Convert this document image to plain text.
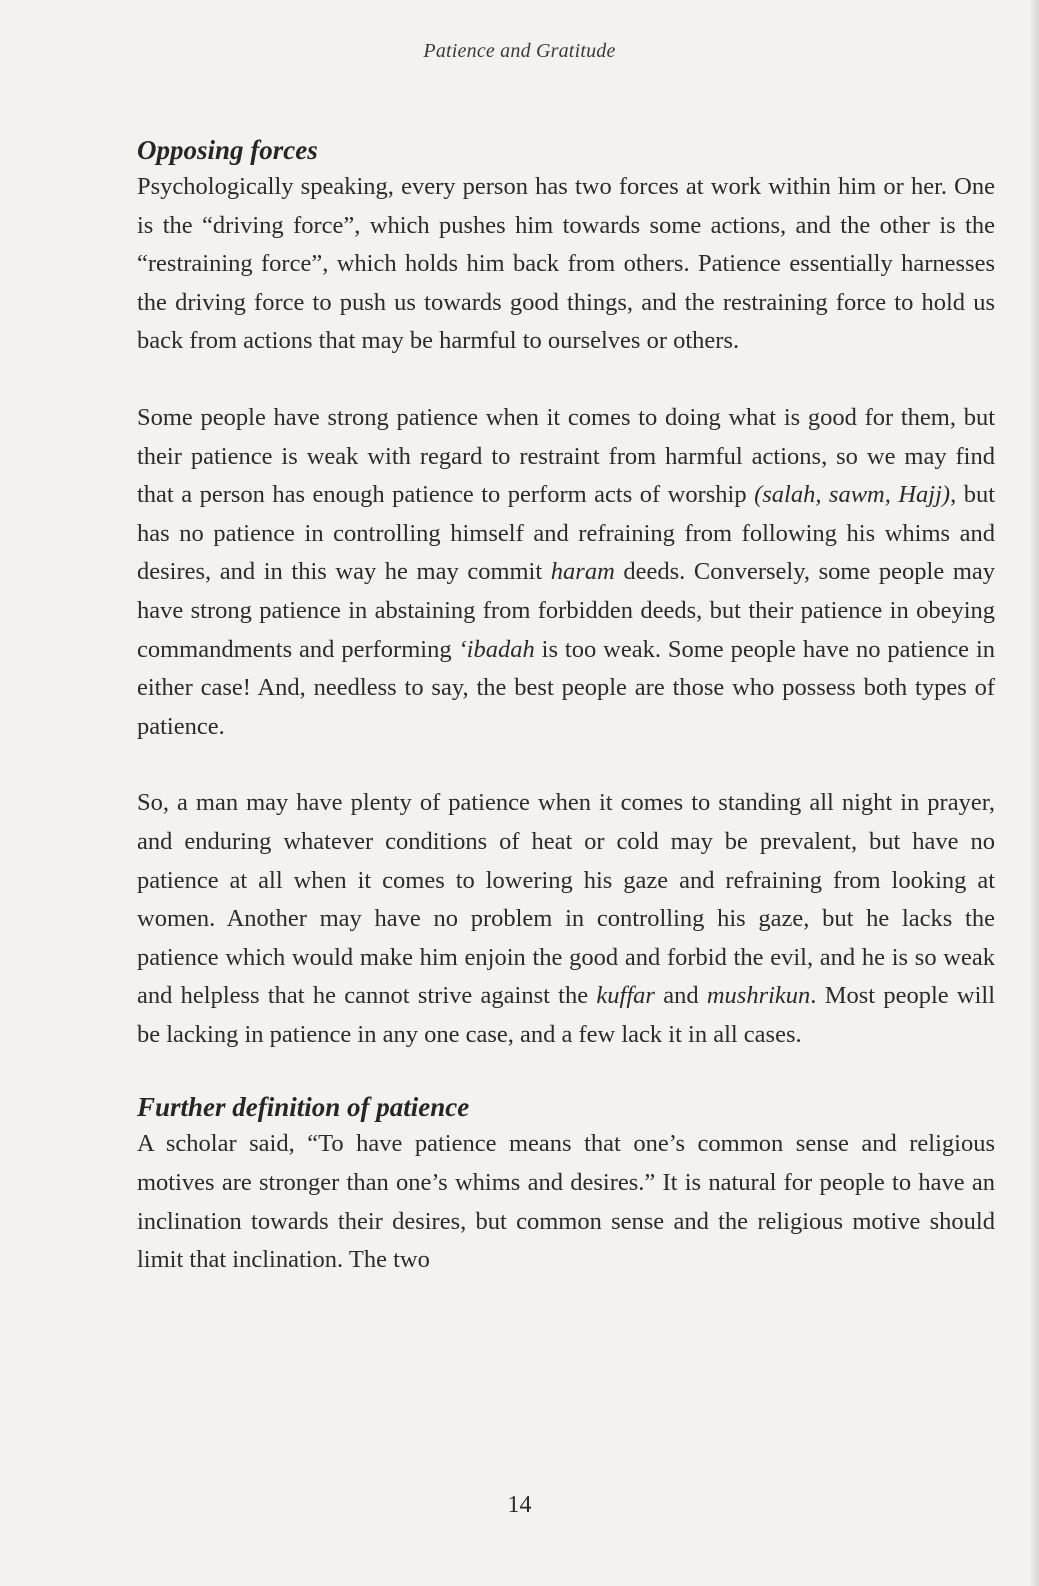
Patience and Gratitude
Opposing forces

Psychologically speaking, every person has two forces at work within him or her. One is the “driving force”, which pushes him towards some actions, and the other is the “restraining force”, which holds him back from others. Patience essentially harnesses the driving force to push us towards good things, and the restraining force to hold us back from actions that may be harmful to ourselves or others.

Some people have strong patience when it comes to doing what is good for them, but their patience is weak with regard to restraint from harmful actions, so we may find that a person has enough patience to perform acts of worship (salah, sawm, Hajj), but has no patience in controlling himself and refraining from following his whims and desires, and in this way he may commit haram deeds. Conversely, some people may have strong patience in abstaining from forbidden deeds, but their patience in obeying commandments and performing ‘ibadah is too weak. Some people have no patience in either case! And, needless to say, the best people are those who possess both types of patience.

So, a man may have plenty of patience when it comes to standing all night in prayer, and enduring whatever conditions of heat or cold may be prevalent, but have no patience at all when it comes to lowering his gaze and refraining from looking at women. Another may have no problem in controlling his gaze, but he lacks the patience which would make him enjoin the good and forbid the evil, and he is so weak and helpless that he cannot strive against the kuffar and mushrikun. Most people will be lacking in patience in any one case, and a few lack it in all cases.

Further definition of patience

A scholar said, “To have patience means that one’s common sense and religious motives are stronger than one’s whims and desires.” It is natural for people to have an inclination towards their desires, but common sense and the religious motive should limit that inclination. The two

14
